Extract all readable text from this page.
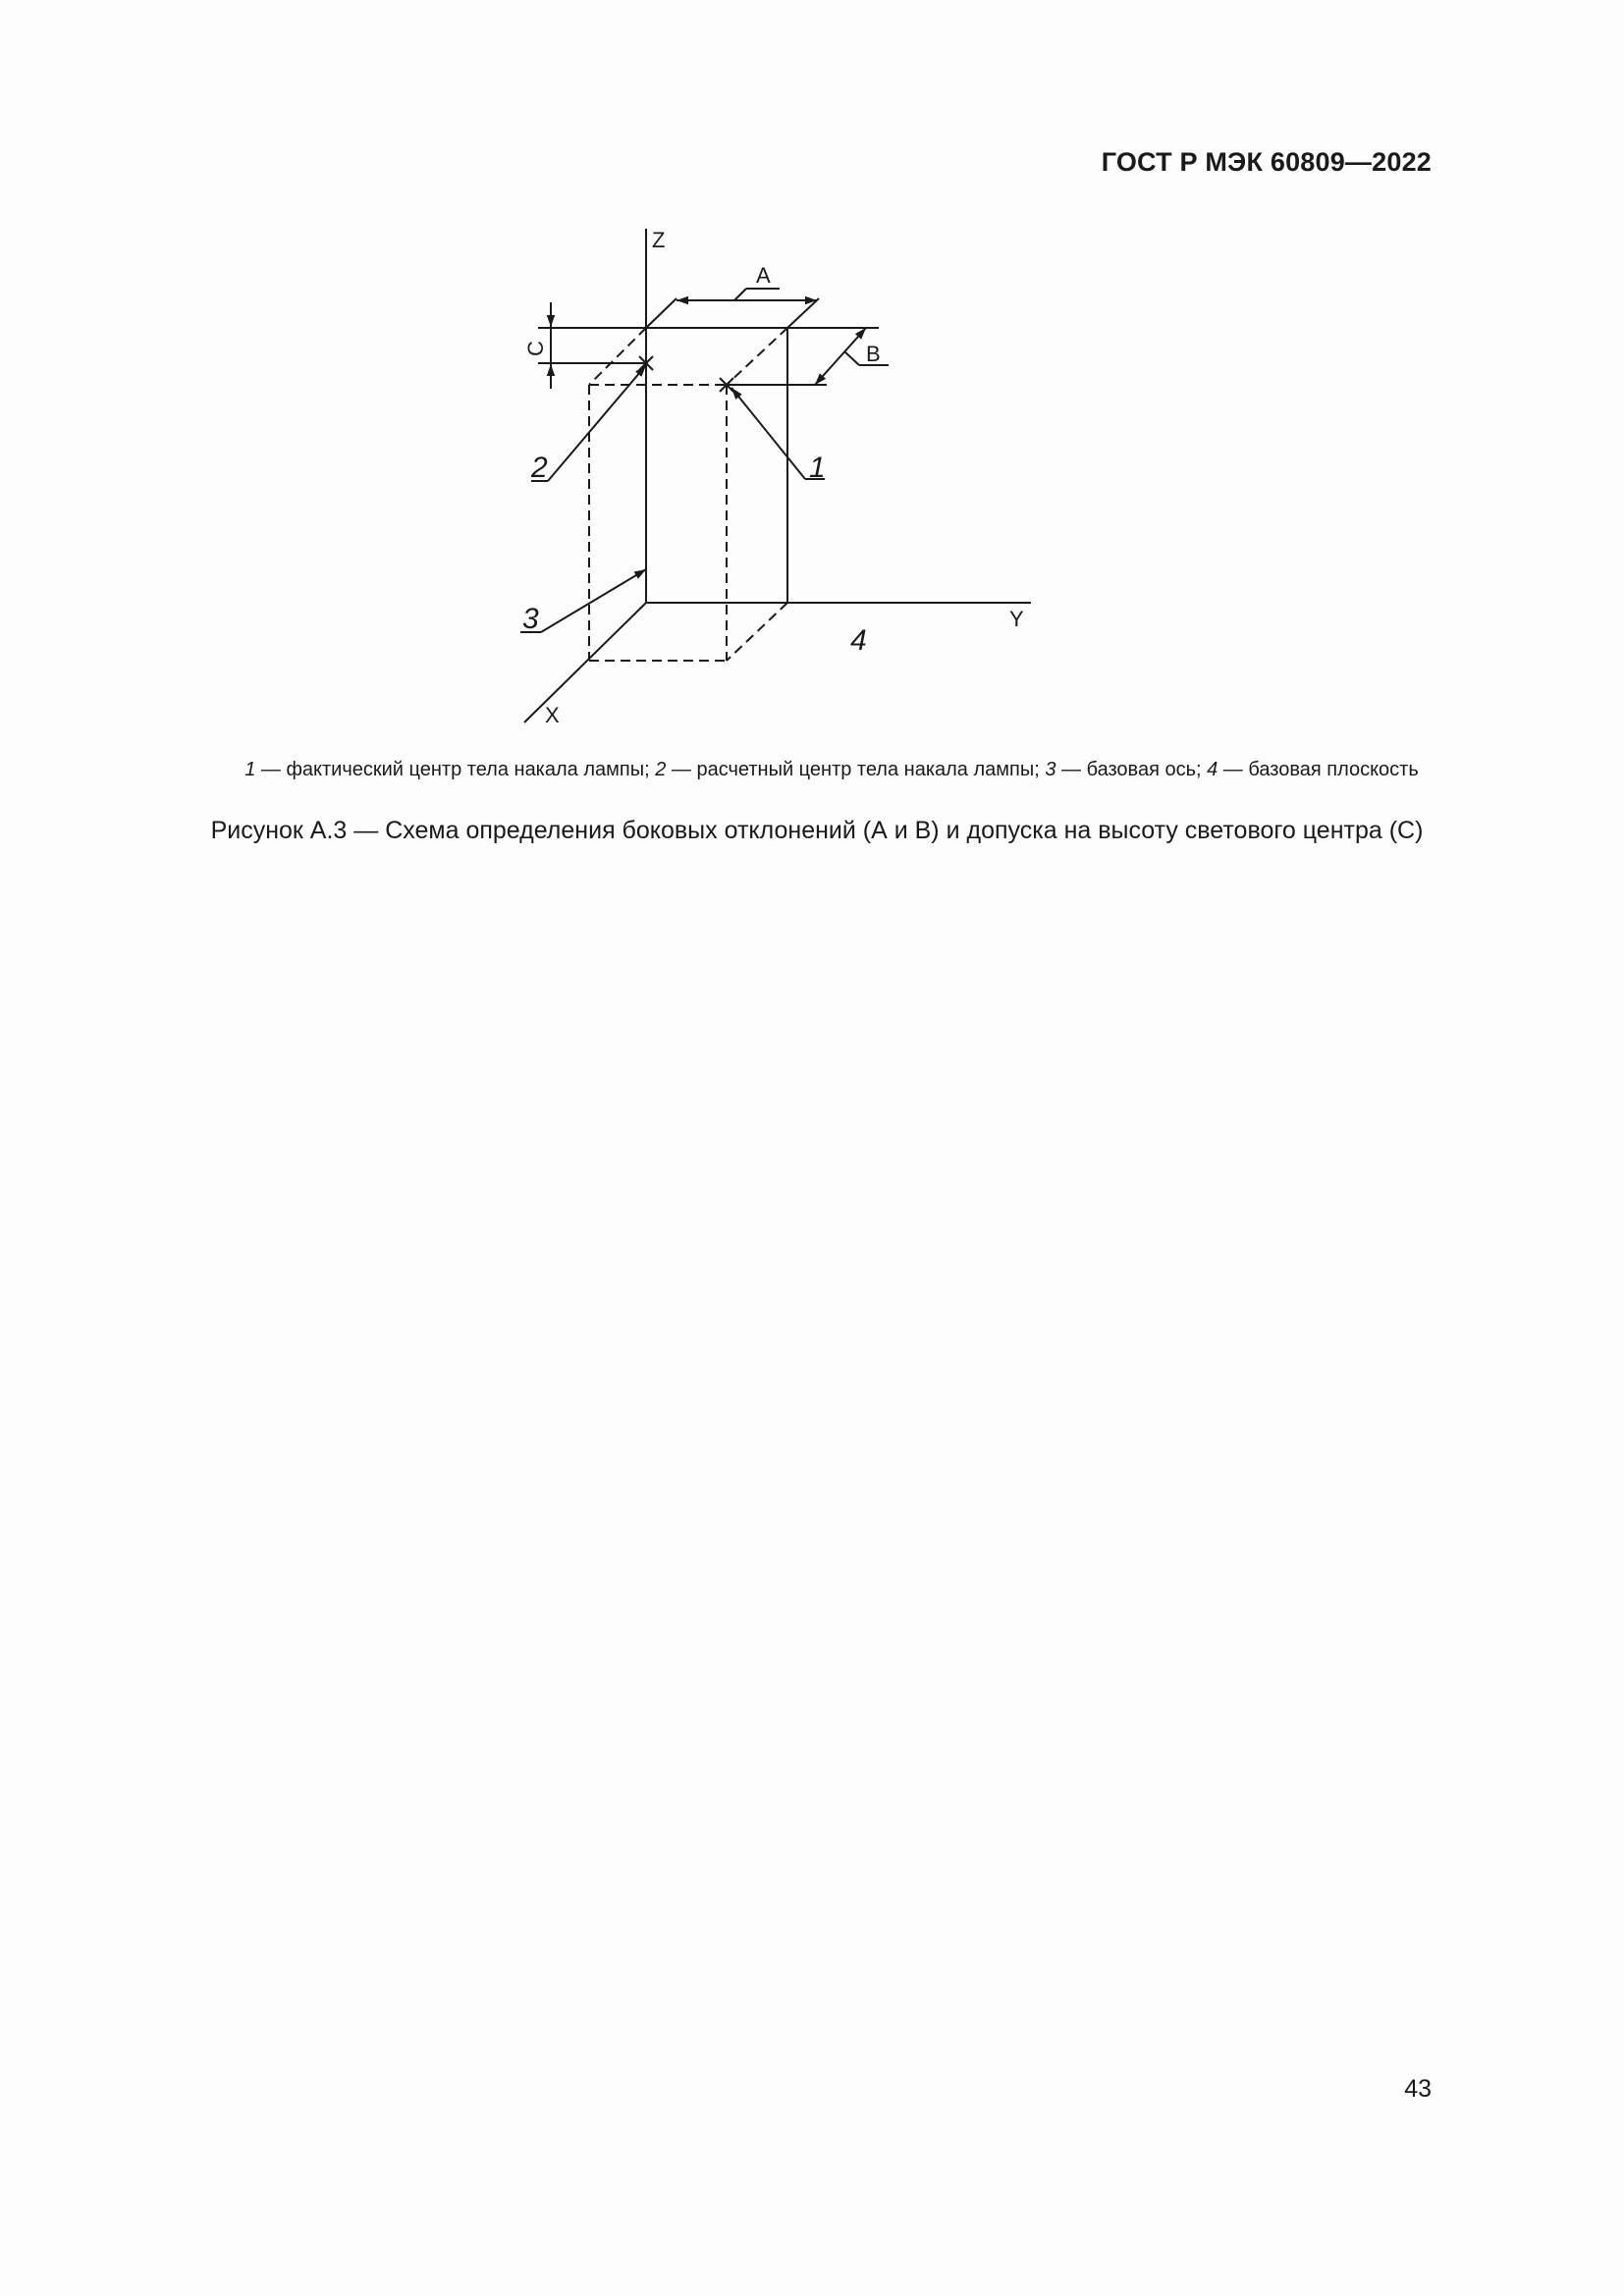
ГОСТ Р МЭК 60809—2022
Z
Y
X
A
B
C
1
2
3
4
1 — фактический центр тела накала лампы; 2 — расчетный центр тела накала лампы; 3 — базовая ось; 4 — базовая плоскость
Рисунок А.3 — Схема определения боковых отклонений (А и В) и допуска на высоту светового центра (С)
43
